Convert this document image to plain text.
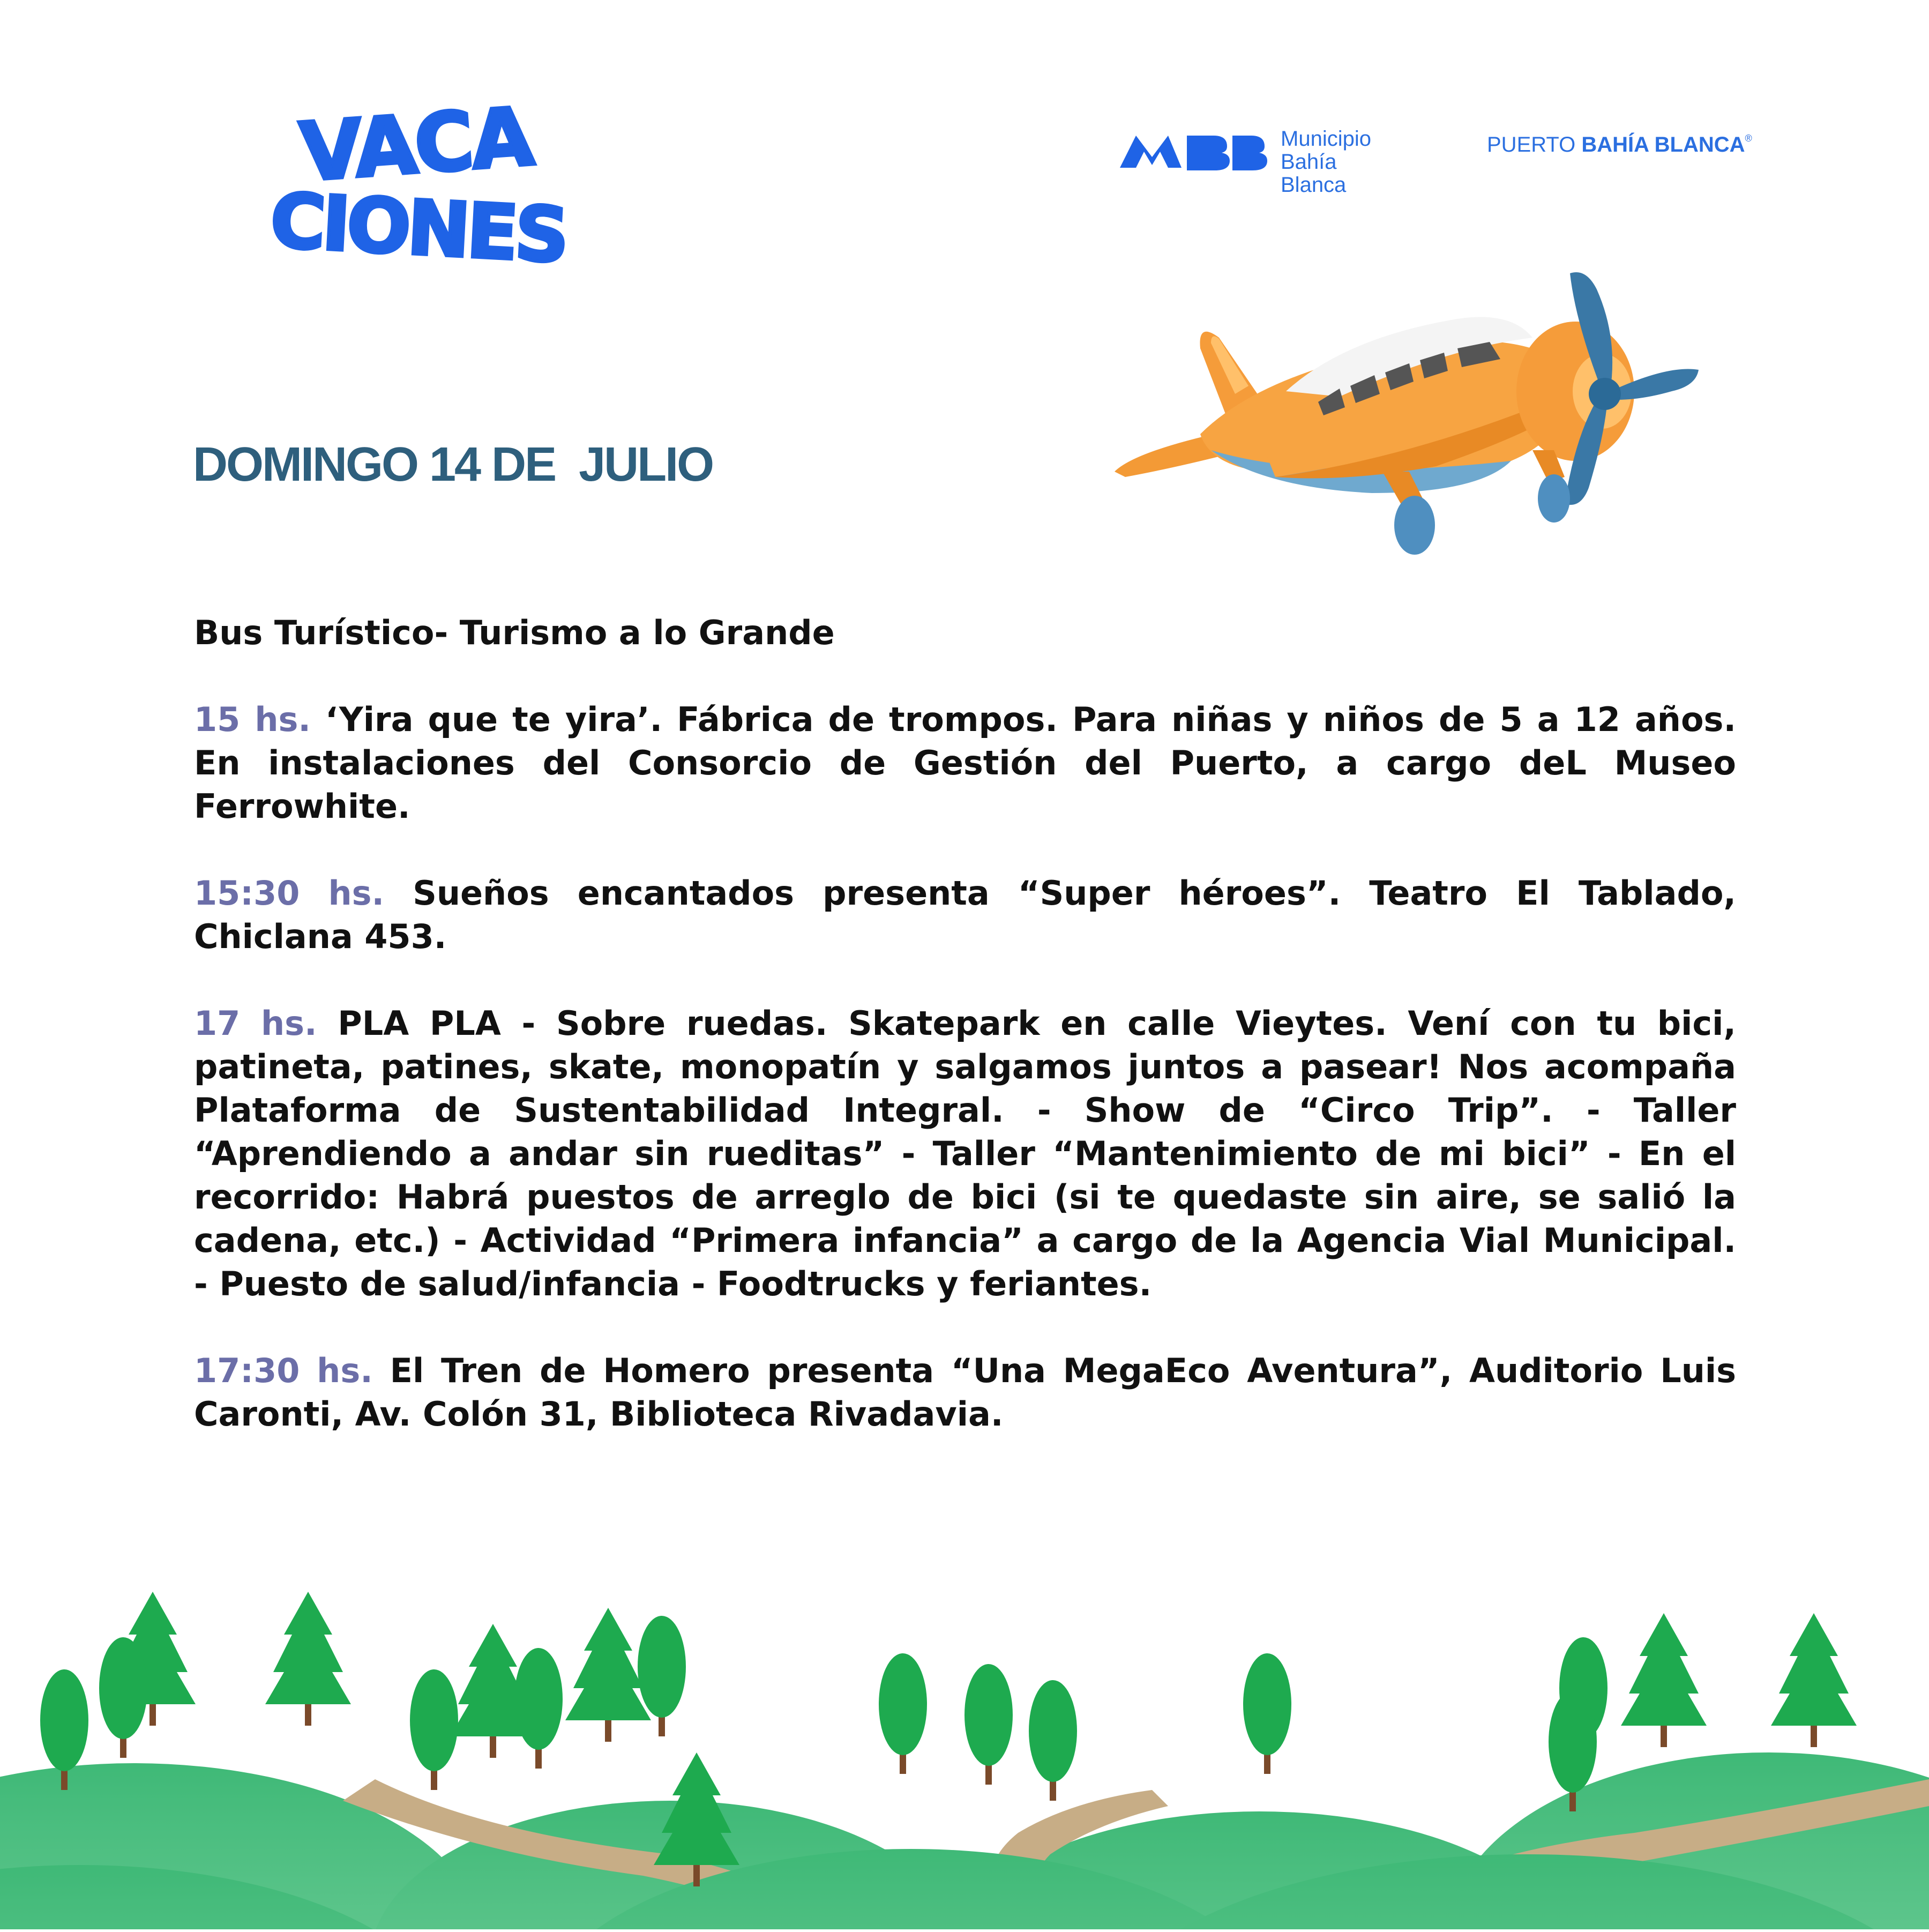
VACA
CIONES
Municipio
Bahía
Blanca
PUERTO BAHÍA BLANCA®
DOMINGO 14 DE  JULIO

Bus Turístico- Turismo a lo Grande

15 hs. ‘Yira que te yira’. Fábrica de trompos. Para niñas y niños de 5 a 12 años. En instalaciones del Consorcio de Gestión del Puerto, a cargo deL Museo Ferrowhite.

15:30 hs. Sueños encantados presenta “Super héroes”. Teatro El Tablado, Chiclana 453.

17 hs. PLA PLA - Sobre ruedas. Skatepark en calle Vieytes. Vení con tu bici, patineta, patines, skate, monopatín y salgamos juntos a pasear! Nos acompaña Plataforma de Sustentabilidad Integral. - Show de “Circo Trip”. - Taller “Aprendiendo a andar sin rueditas” - Taller “Mantenimiento de mi bici” - En el recorrido: Habrá puestos de arreglo de bici (si te quedaste sin aire, se salió la cadena, etc.) - Actividad “Primera infancia” a cargo de la Agencia Vial Municipal. - Puesto de salud/infancia - Foodtrucks y feriantes.

17:30 hs. El Tren de Homero presenta “Una MegaEco Aventura”, Auditorio Luis Caronti, Av. Colón 31, Biblioteca Rivadavia.
